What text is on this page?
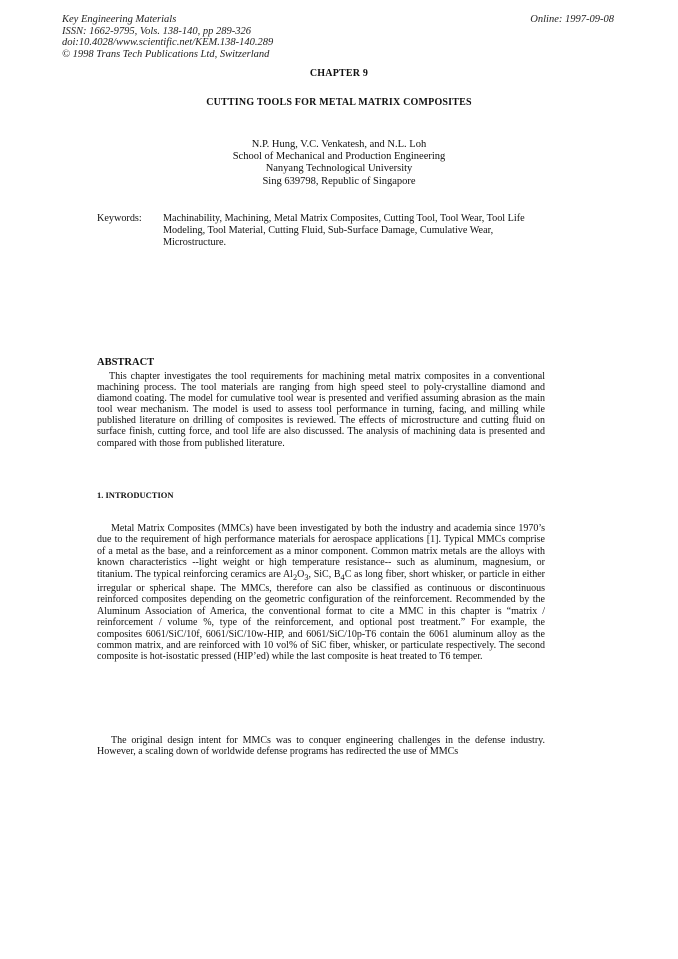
Key Engineering Materials
ISSN: 1662-9795, Vols. 138-140, pp 289-326
doi:10.4028/www.scientific.net/KEM.138-140.289
© 1998 Trans Tech Publications Ltd, Switzerland
Online: 1997-09-08
CHAPTER 9
CUTTING TOOLS FOR METAL MATRIX COMPOSITES
N.P. Hung, V.C. Venkatesh, and N.L. Loh
School of Mechanical and Production Engineering
Nanyang Technological University
Sing 639798, Republic of Singapore
Keywords: Machinability, Machining, Metal Matrix Composites, Cutting Tool, Tool Wear, Tool Life Modeling, Tool Material, Cutting Fluid, Sub-Surface Damage, Cumulative Wear, Microstructure.
ABSTRACT

This chapter investigates the tool requirements for machining metal matrix composites in a conventional machining process. The tool materials are ranging from high speed steel to poly-crystalline diamond and diamond coating. The model for cumulative tool wear is presented and verified assuming abrasion as the main tool wear mechanism. The model is used to assess tool performance in turning, facing, and milling while published literature on drilling of composites is reviewed. The effects of microstructure and cutting fluid on surface finish, cutting force, and tool life are also discussed. The analysis of machining data is presented and compared with those from published literature.

1. INTRODUCTION

Metal Matrix Composites (MMCs) have been investigated by both the industry and academia since 1970’s due to the requirement of high performance materials for aerospace applications [1]. Typical MMCs comprise of a metal as the base, and a reinforcement as a minor component. Common matrix metals are the alloys with known characteristics --light weight or high temperature resistance-- such as aluminum, magnesium, or titanium. The typical reinforcing ceramics are $Al_2O_3$, SiC, $B_4C$ as long fiber, short whisker, or particle in either irregular or spherical shape. The MMCs, therefore can also be classified as continuous or discontinuous reinforced composites depending on the geometric configuration of the reinforcement. Recommended by the Aluminum Association of America, the conventional format to cite a MMC in this chapter is “matrix / reinforcement / volume %, type of the reinforcement, and optional post treatment.” For example, the composites 6061/SiC/10f, 6061/SiC/10w-HIP, and 6061/SiC/10p-T6 contain the 6061 aluminum alloy as the common matrix, and are reinforced with 10 vol% of SiC fiber, whisker, or particulate respectively. The second composite is hot-isostatic pressed (HIP’ed) while the last composite is heat treated to T6 temper.

The original design intent for MMCs was to conquer engineering challenges in the defense industry. However, a scaling down of worldwide defense programs has redirected the use of MMCs
